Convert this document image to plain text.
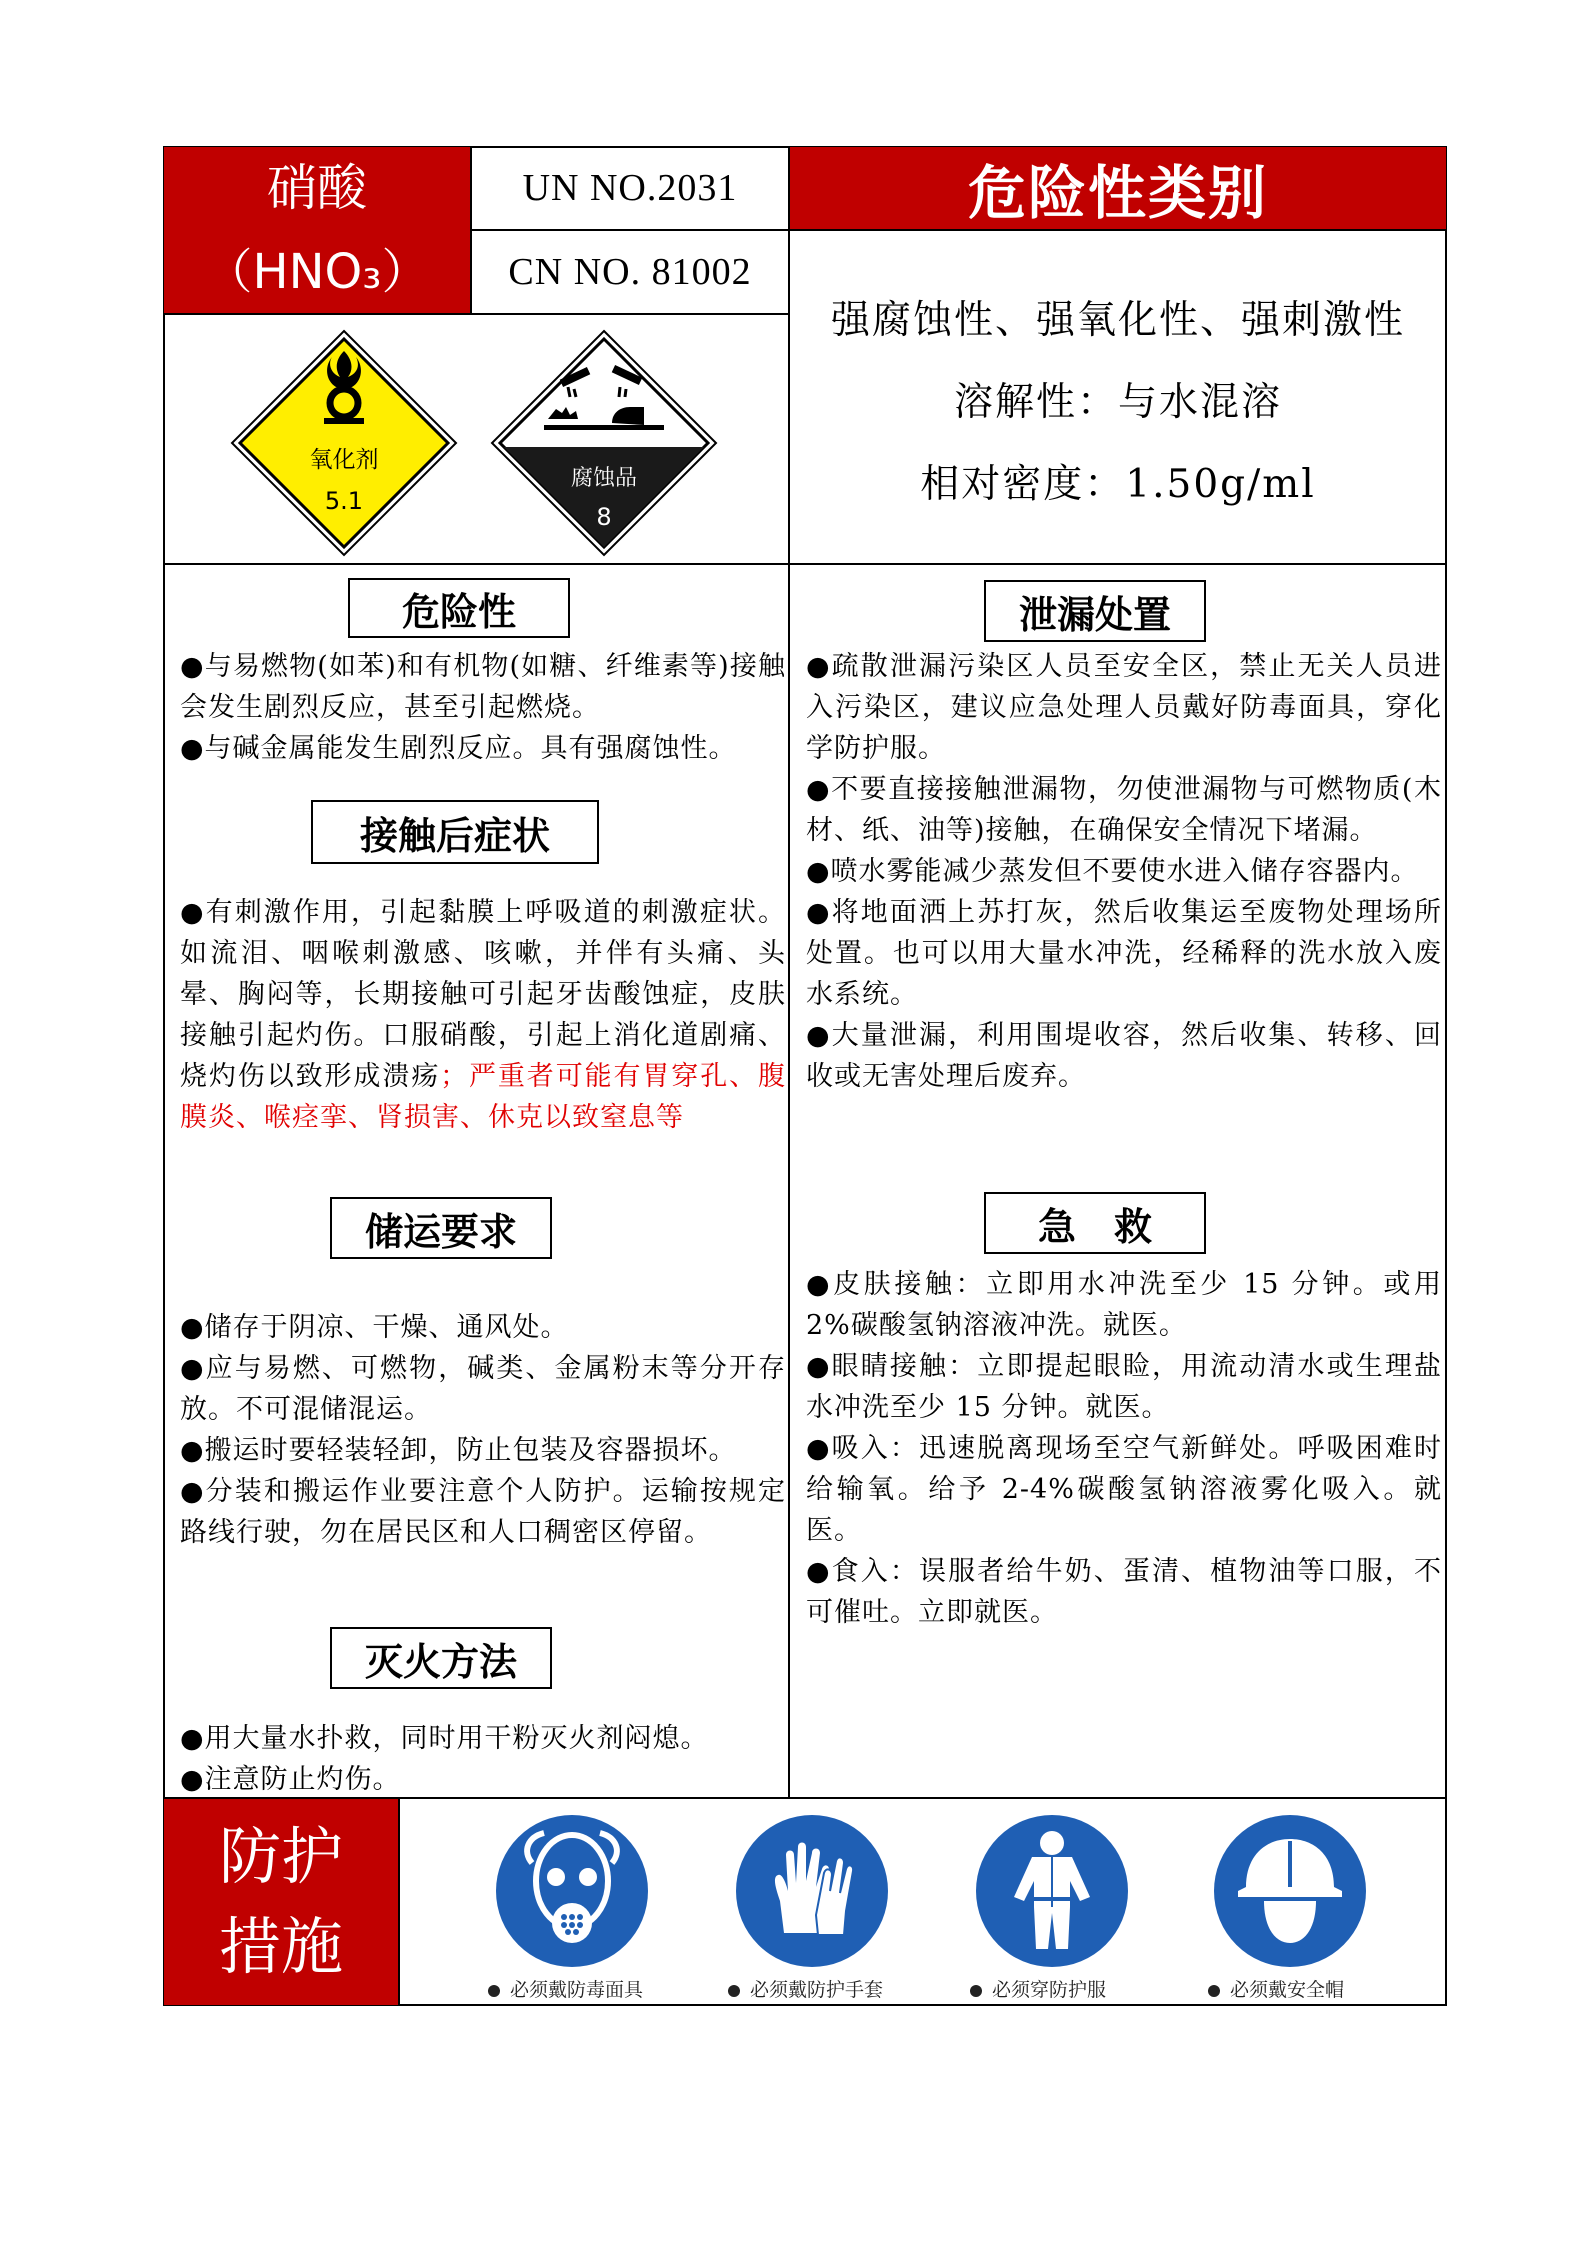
硝酸
（HNO₃）
UN NO.2031
CN NO. 81002
危险性类别
氧化剂
5.1
腐蚀品
8
强腐蚀性、强氧化性、强刺激性
溶解性：与水混溶
相对密度：1.50g/ml
危险性

●与易燃物(如苯)和有机物(如糖、纤维素等)接触会发生剧烈反应，甚至引起燃烧。

●与碱金属能发生剧烈反应。具有强腐蚀性。

接触后症状

●有刺激作用，引起黏膜上呼吸道的刺激症状。如流泪、咽喉刺激感、咳嗽，并伴有头痛、头晕、胸闷等，长期接触可引起牙齿酸蚀症，皮肤接触引起灼伤。口服硝酸，引起上消化道剧痛、烧灼伤以致形成溃疡；严重者可能有胃穿孔、腹膜炎、喉痉挛、肾损害、休克以致窒息等

储运要求

●储存于阴凉、干燥、通风处。

●应与易燃、可燃物，碱类、金属粉末等分开存放。不可混储混运。

●搬运时要轻装轻卸，防止包装及容器损坏。

●分装和搬运作业要注意个人防护。运输按规定路线行驶，勿在居民区和人口稠密区停留。

灭火方法

●用大量水扑救，同时用干粉灭火剂闷熄。

●注意防止灼伤。

泄漏处置

●疏散泄漏污染区人员至安全区，禁止无关人员进入污染区，建议应急处理人员戴好防毒面具，穿化学防护服。

●不要直接接触泄漏物，勿使泄漏物与可燃物质(木材、纸、油等)接触，在确保安全情况下堵漏。

●喷水雾能减少蒸发但不要使水进入储存容器内。

●将地面洒上苏打灰，然后收集运至废物处理场所处置。也可以用大量水冲洗，经稀释的洗水放入废水系统。

●大量泄漏，利用围堤收容，然后收集、转移、回收或无害处理后废弃。

急　救

●皮肤接触：立即用水冲洗至少 15 分钟。或用 2%碳酸氢钠溶液冲洗。就医。

●眼睛接触：立即提起眼睑，用流动清水或生理盐水冲洗至少 15 分钟。就医。

●吸入：迅速脱离现场至空气新鲜处。呼吸困难时给输氧。给予 2-4%碳酸氢钠溶液雾化吸入。就医。

●食入：误服者给牛奶、蛋清、植物油等口服，不可催吐。立即就医。

防护
措施
必须戴防毒面具	必须戴防护手套	必须穿防护服	必须戴安全帽
